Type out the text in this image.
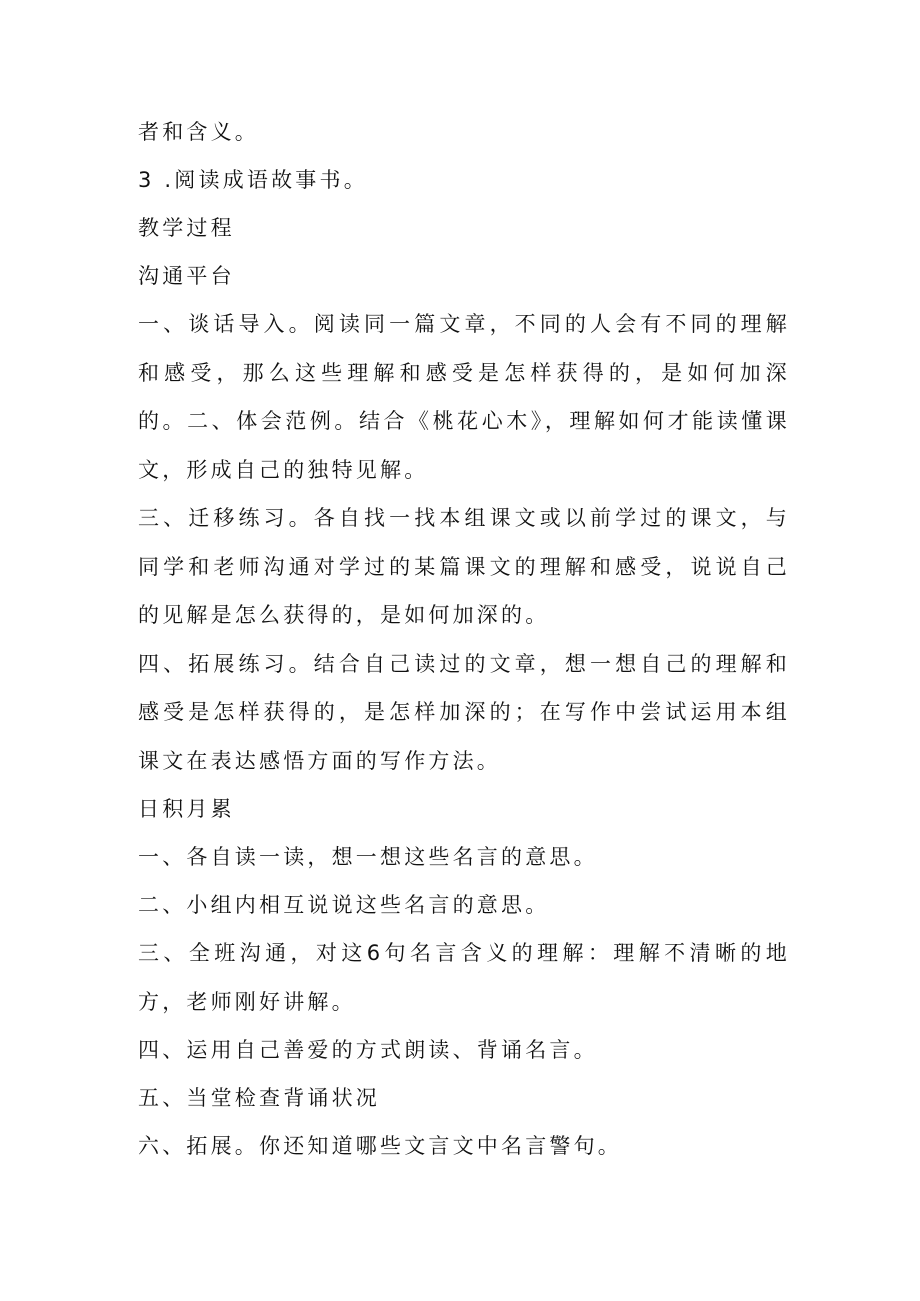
者和含义。
3 .阅读成语故事书。
教学过程
沟通平台
一、谈话导入。阅读同一篇文章，不同的人会有不同的理解和感受，那么这些理解和感受是怎样获得的，是如何加深的。二、体会范例。结合《桃花心木》，理解如何才能读懂课文，形成自己的独特见解。
三、迁移练习。各自找一找本组课文或以前学过的课文，与同学和老师沟通对学过的某篇课文的理解和感受，说说自己的见解是怎么获得的，是如何加深的。
四、拓展练习。结合自己读过的文章，想一想自己的理解和感受是怎样获得的，是怎样加深的；在写作中尝试运用本组课文在表达感悟方面的写作方法。
日积月累
一、各自读一读，想一想这些名言的意思。
二、小组内相互说说这些名言的意思。
三、全班沟通，对这6句名言含义的理解：理解不清晰的地方，老师刚好讲解。
四、运用自己善爱的方式朗读、背诵名言。
五、当堂检查背诵状况
六、拓展。你还知道哪些文言文中名言警句。
